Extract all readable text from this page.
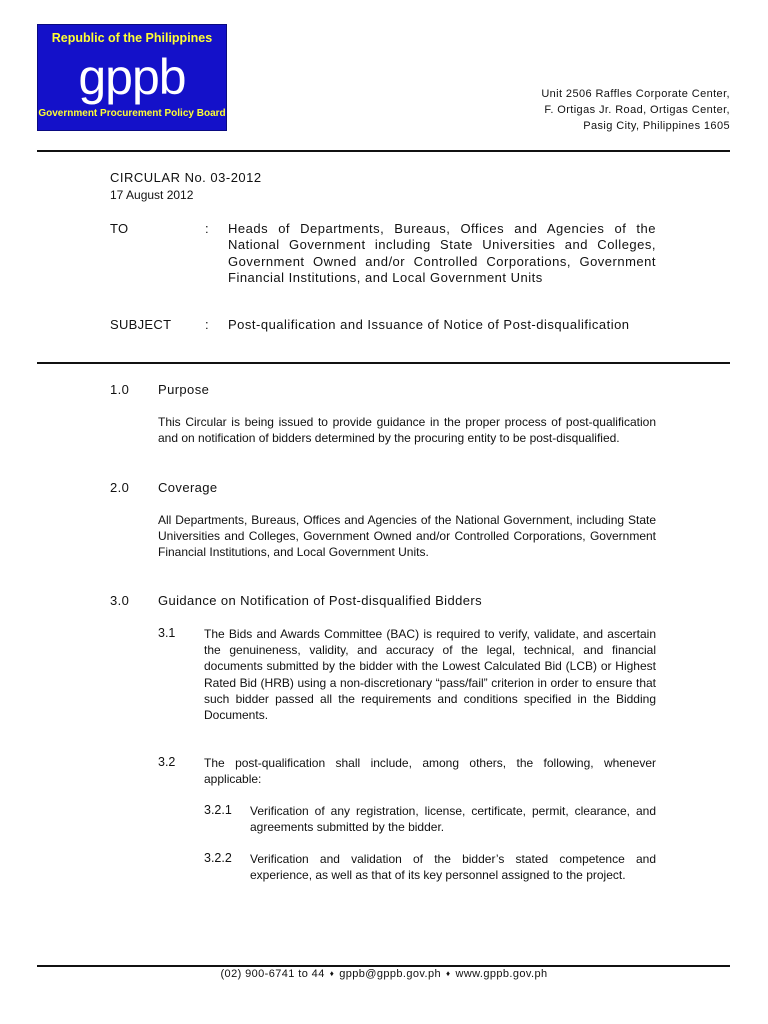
Republic of the Philippines
gppb
Government Procurement Policy Board
Unit 2506 Raffles Corporate Center,
F. Ortigas Jr. Road, Ortigas Center,
Pasig City, Philippines 1605
CIRCULAR No. 03-2012
17 August 2012
TO	: Heads of Departments, Bureaus, Offices and Agencies of the National Government including State Universities and Colleges, Government Owned and/or Controlled Corporations, Government Financial Institutions, and Local Government Units
SUBJECT	: Post-qualification and Issuance of Notice of Post-disqualification
1.0 Purpose
This Circular is being issued to provide guidance in the proper process of post-qualification and on notification of bidders determined by the procuring entity to be post-disqualified.
2.0 Coverage
All Departments, Bureaus, Offices and Agencies of the National Government, including State Universities and Colleges, Government Owned and/or Controlled Corporations, Government Financial Institutions, and Local Government Units.
3.0 Guidance on Notification of Post-disqualified Bidders
3.1 The Bids and Awards Committee (BAC) is required to verify, validate, and ascertain the genuineness, validity, and accuracy of the legal, technical, and financial documents submitted by the bidder with the Lowest Calculated Bid (LCB) or Highest Rated Bid (HRB) using a non-discretionary “pass/fail” criterion in order to ensure that such bidder passed all the requirements and conditions specified in the Bidding Documents.
3.2 The post-qualification shall include, among others, the following, whenever applicable:
3.2.1 Verification of any registration, license, certificate, permit, clearance, and agreements submitted by the bidder.
3.2.2 Verification and validation of the bidder’s stated competence and experience, as well as that of its key personnel assigned to the project.
(02) 900-6741 to 44 ♦ gppb@gppb.gov.ph ♦ www.gppb.gov.ph
